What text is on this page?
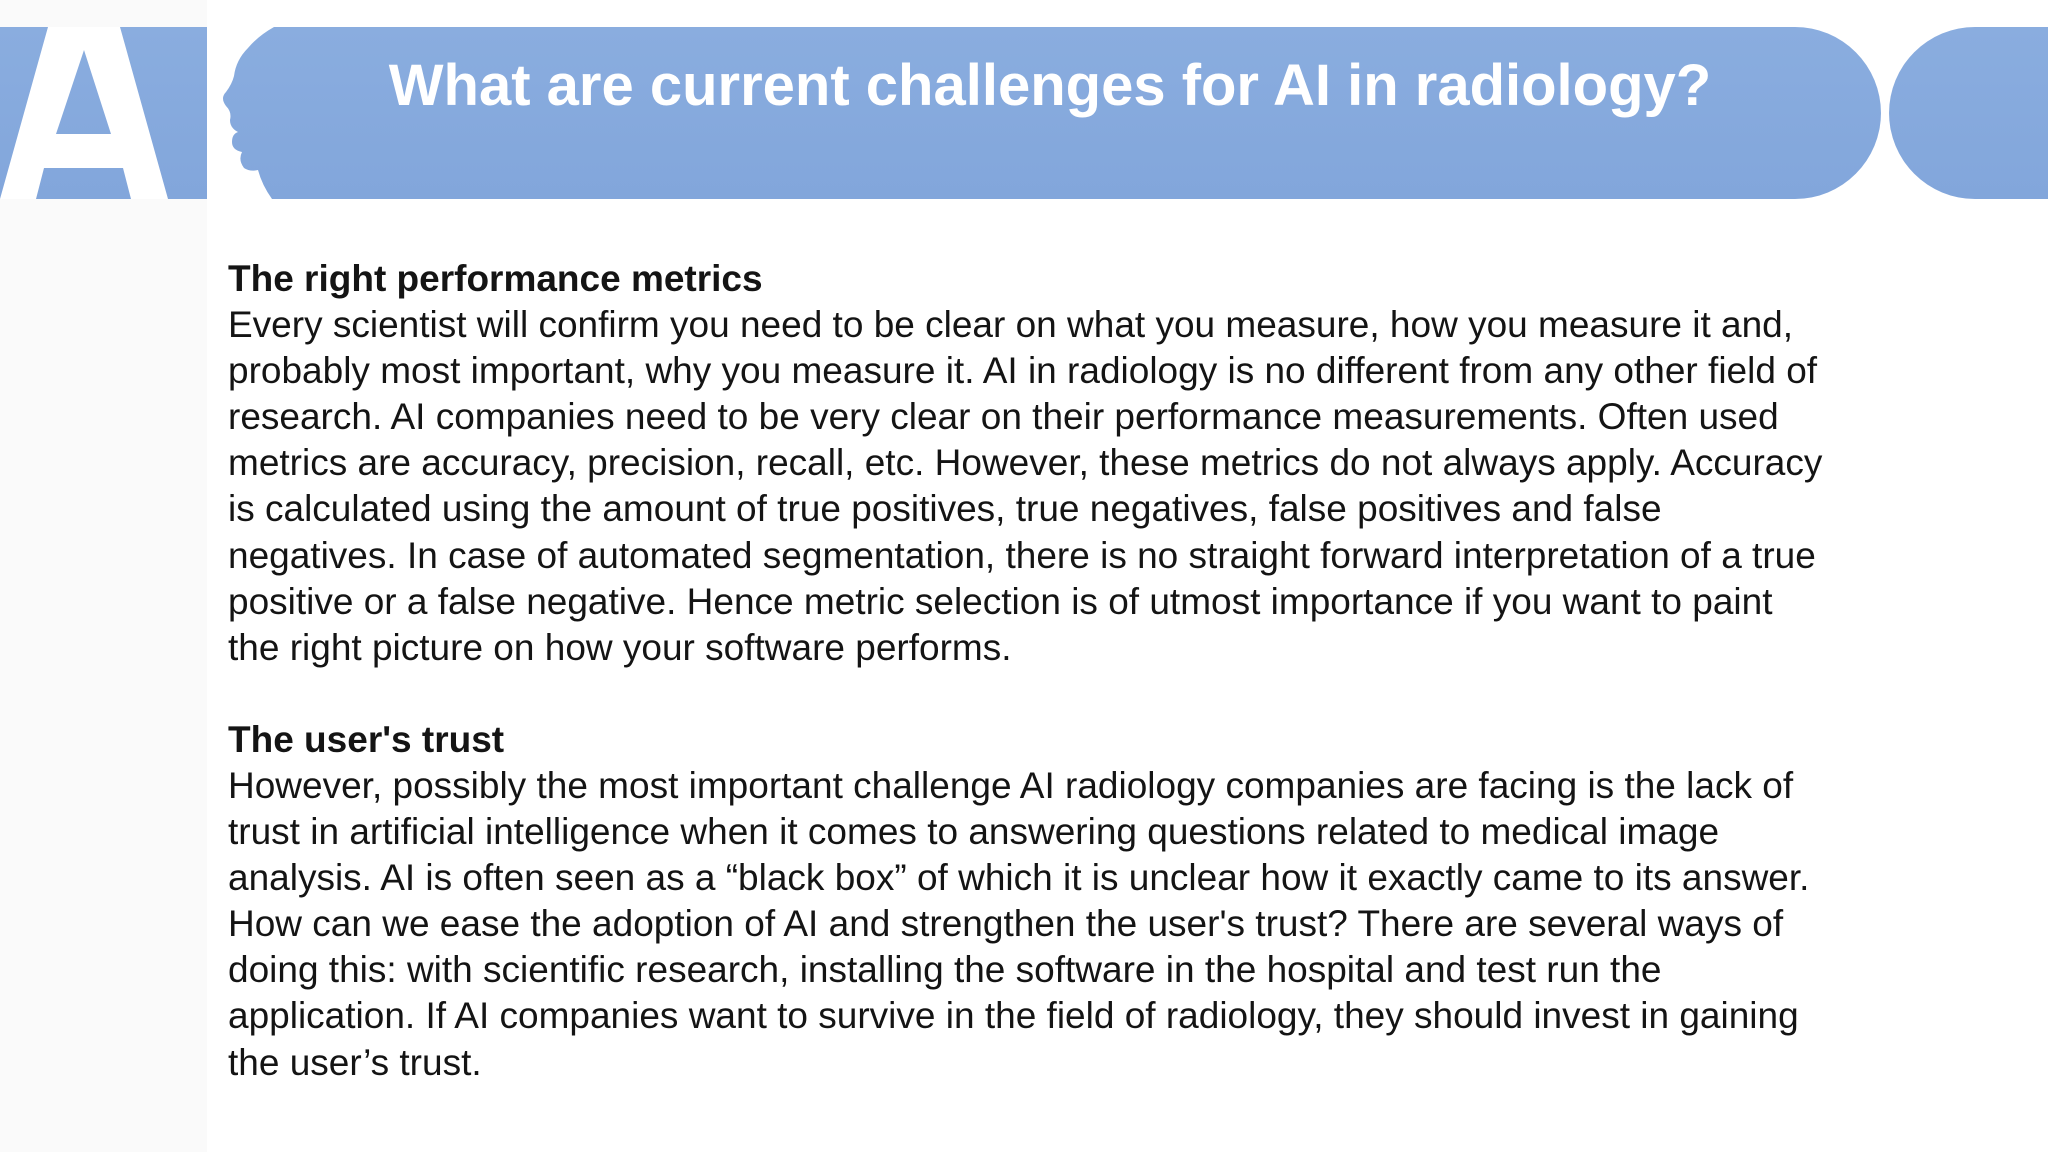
What are current challenges for AI in radiology?
The right performance metrics
Every scientist will confirm you need to be clear on what you measure, how you measure it and,
probably most important, why you measure it. AI in radiology is no different from any other field of
research. AI companies need to be very clear on their performance measurements. Often used
metrics are accuracy, precision, recall, etc. However, these metrics do not always apply. Accuracy
is calculated using the amount of true positives, true negatives, false positives and false
negatives. In case of automated segmentation, there is no straight forward interpretation of a true
positive or a false negative. Hence metric selection is of utmost importance if you want to paint
the right picture on how your software performs.
The user's trust
However, possibly the most important challenge AI radiology companies are facing is the lack of
trust in artificial intelligence when it comes to answering questions related to medical image
analysis. AI is often seen as a “black box” of which it is unclear how it exactly came to its answer.
How can we ease the adoption of AI and strengthen the user's trust? There are several ways of
doing this: with scientific research, installing the software in the hospital and test run the
application. If AI companies want to survive in the field of radiology, they should invest in gaining
the user’s trust.
